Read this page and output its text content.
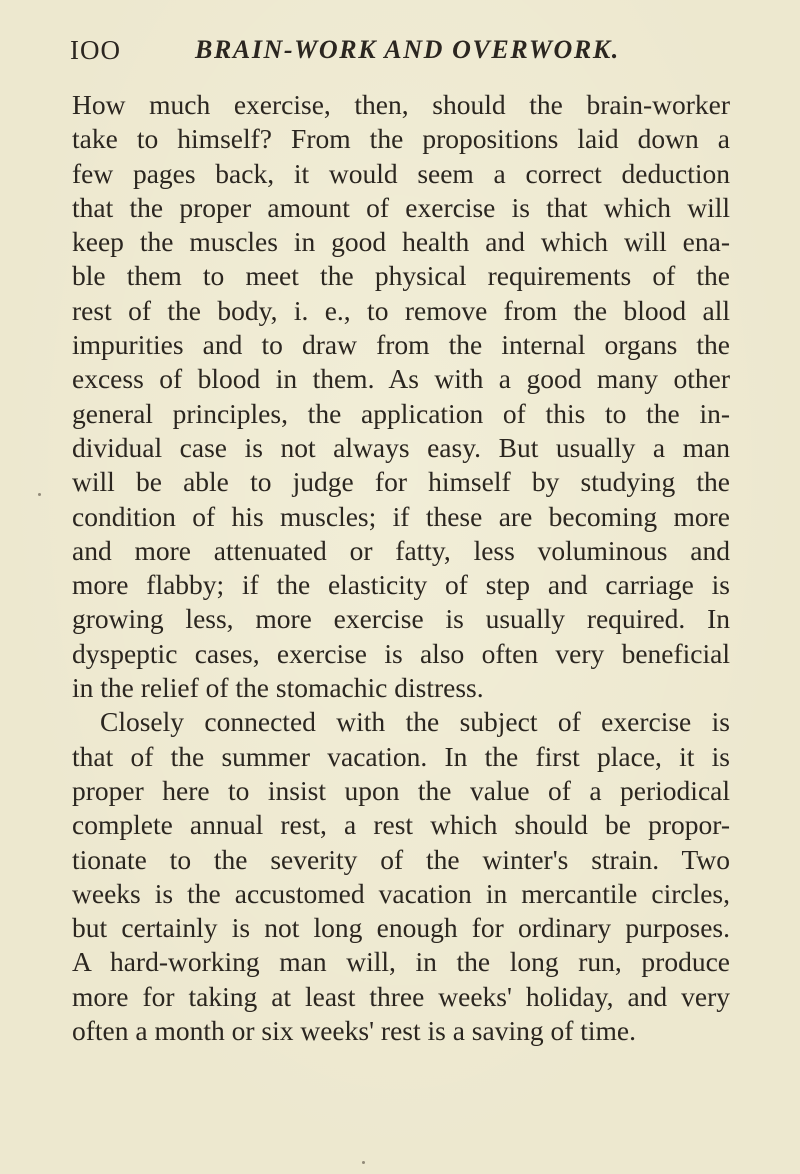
IOO	BRAIN-WORK AND OVERWORK.
How much exercise, then, should the brain-worker
take to himself? From the propositions laid down a
few pages back, it would seem a correct deduction
that the proper amount of exercise is that which will
keep the muscles in good health and which will ena-
ble them to meet the physical requirements of the
rest of the body, i. e., to remove from the blood all
impurities and to draw from the internal organs the
excess of blood in them. As with a good many other
general principles, the application of this to the in-
dividual case is not always easy. But usually a man
will be able to judge for himself by studying the
condition of his muscles; if these are becoming more
and more attenuated or fatty, less voluminous and
more flabby; if the elasticity of step and carriage is
growing less, more exercise is usually required. In
dyspeptic cases, exercise is also often very beneficial
in the relief of the stomachic distress.
Closely connected with the subject of exercise is
that of the summer vacation. In the first place, it is
proper here to insist upon the value of a periodical
complete annual rest, a rest which should be propor-
tionate to the severity of the winter's strain. Two
weeks is the accustomed vacation in mercantile circles,
but certainly is not long enough for ordinary purposes.
A hard-working man will, in the long run, produce
more for taking at least three weeks' holiday, and very
often a month or six weeks' rest is a saving of time.
